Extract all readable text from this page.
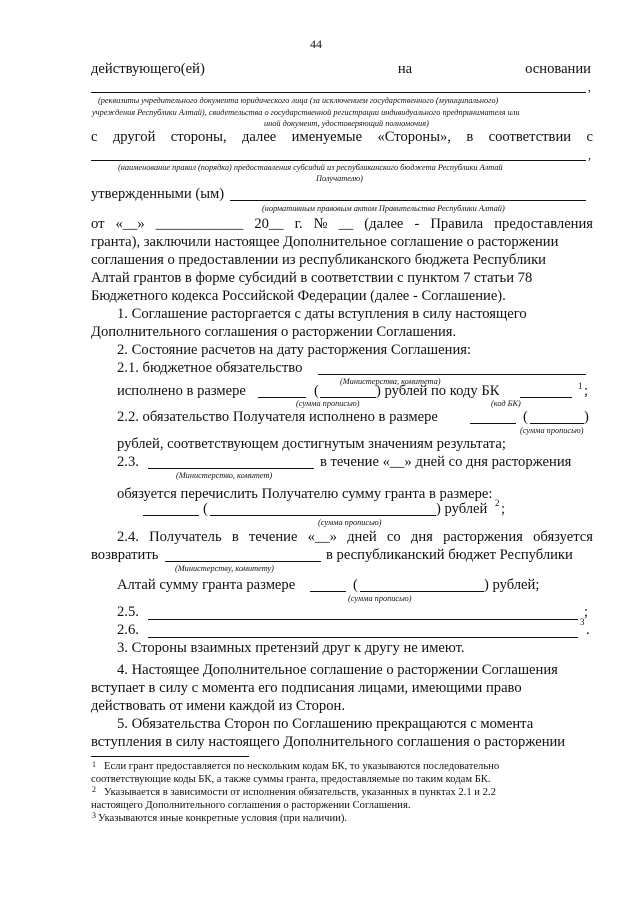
44
действующего(ей)	на	основании
,
(реквизиты учредительного документа юридического лица (за исключением государственного (муниципального)
учреждения Республики Алтай), свидетельства о государственной регистрации индивидуального предпринимателя или
иной документ, удостоверяющий полномочия)
с другой стороны, далее именуемые «Стороны», в соответствии с
,
(наименование правил (порядка) предоставления субсидий из республиканского бюджета Республики Алтай
Получателю)
утвержденными (ым)
(нормативным правовым актом Правительства Республики Алтай)
от «__» ____________ 20__ г. № __ (далее - Правила предоставления
гранта), заключили настоящее Дополнительное соглашение о расторжении
соглашения о предоставлении из республиканского бюджета Республики
Алтай грантов в форме субсидий в соответствии с пунктом 7 статьи 78
Бюджетного кодекса Российской Федерации (далее - Соглашение).
1. Соглашение расторгается с даты вступления в силу настоящего
Дополнительного соглашения о расторжении Соглашения.
2. Состояние расчетов на дату расторжения Соглашения:
2.1. бюджетное обязательство
(Министерства, комитета)
исполнено в размере	(	) рублей по коду БК	1 ;
(сумма прописью)	(код БК)
2.2. обязательство Получателя исполнено в размере	(	)
(сумма прописью)
рублей, соответствующем достигнутым значениям результата;
2.3.	в течение «__» дней со дня расторжения
(Министерство, комитет)
обязуется перечислить Получателю сумму гранта в размере:
(	) рублей 2 ;
(сумма прописью)
2.4. Получатель в течение «__» дней со дня расторжения обязуется
возвратить	в республиканский бюджет Республики
(Министерству, комитету)
Алтай сумму гранта размере	(	) рублей;
(сумма прописью)
2.5.	;
2.6.	3 .
3. Стороны взаимных претензий друг к другу не имеют.
4. Настоящее Дополнительное соглашение о расторжении Соглашения
вступает в силу с момента его подписания лицами, имеющими право
действовать от имени каждой из Сторон.
5. Обязательства Сторон по Соглашению прекращаются с момента
вступления в силу настоящего Дополнительного соглашения о расторжении
1 Если грант предоставляется по нескольким кодам БК, то указываются последовательно
соответствующие коды БК, а также суммы гранта, предоставляемые по таким кодам БК.
2 Указывается в зависимости от исполнения обязательств, указанных в пунктах 2.1 и 2.2
настоящего Дополнительного соглашения о расторжении Соглашения.
3 Указываются иные конкретные условия (при наличии).
